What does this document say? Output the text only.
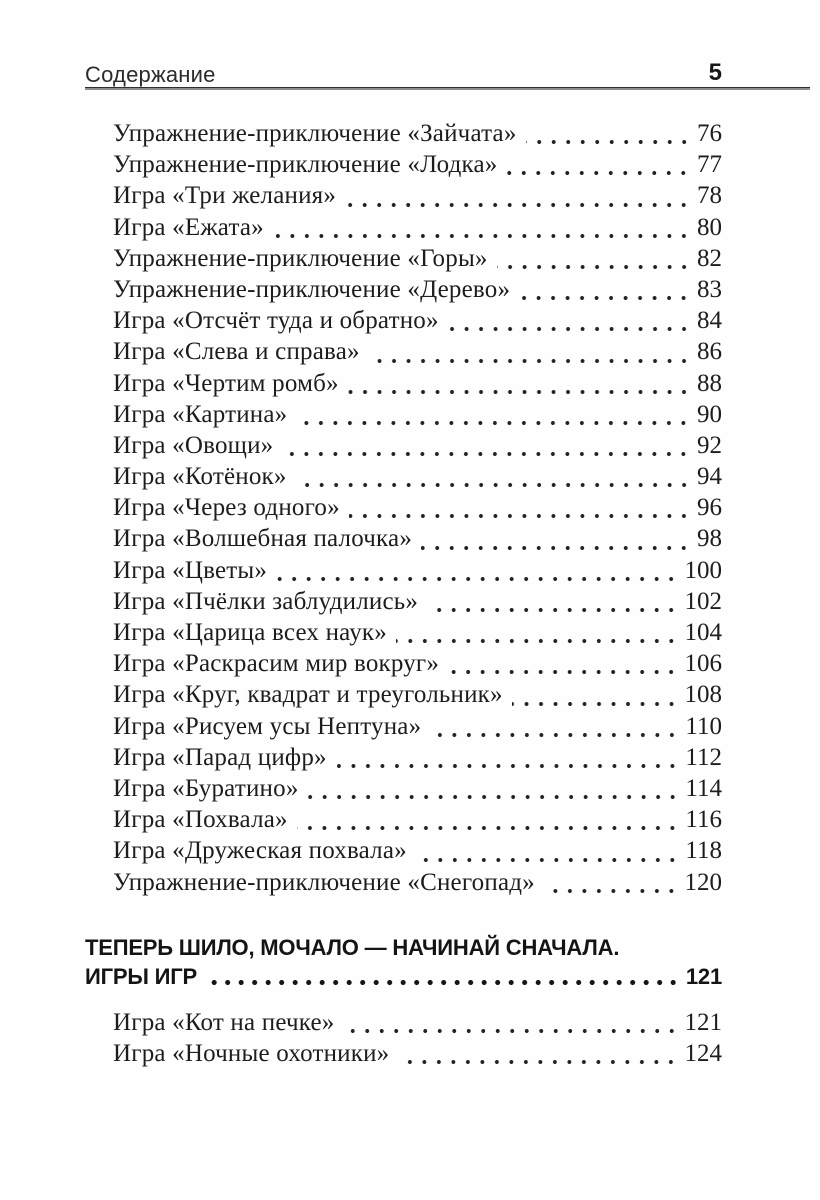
Содержание	5
Упражнение-приключение «Зайчата»	76
Упражнение-приключение «Лодка»	77
Игра «Три желания»	78
Игра «Ежата»	80
Упражнение-приключение «Горы»	82
Упражнение-приключение «Дерево»	83
Игра «Отсчёт туда и обратно»	84
Игра «Слева и справа»	86
Игра «Чертим ромб»	88
Игра «Картина»	90
Игра «Овощи»	92
Игра «Котёнок»	94
Игра «Через одного»	96
Игра «Волшебная палочка»	98
Игра «Цветы»	100
Игра «Пчёлки заблудились»	102
Игра «Царица всех наук»	104
Игра «Раскрасим мир вокруг»	106
Игра «Круг, квадрат и треугольник»	108
Игра «Рисуем усы Нептуна»	110
Игра «Парад цифр»	112
Игра «Буратино»	114
Игра «Похвала»	116
Игра «Дружеская похвала»	118
Упражнение-приключение «Снегопад»	120
ТЕПЕРЬ ШИЛО, МОЧАЛО — НАЧИНАЙ СНАЧАЛА.
ИГРЫ ИГР	121
Игра «Кот на печке»	121
Игра «Ночные охотники»	124
